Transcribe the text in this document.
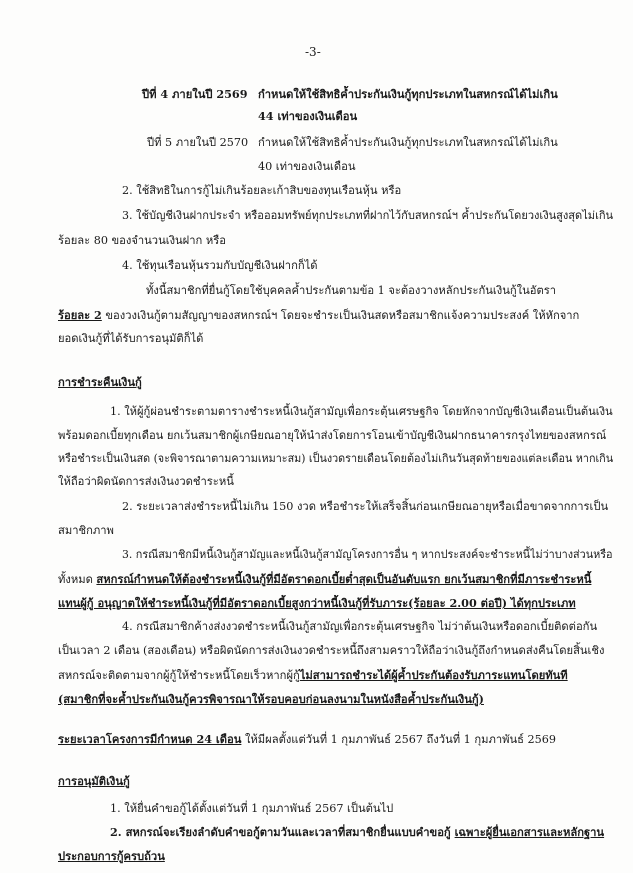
-3-
ปีที่ 4 ภายในปี 2569 กำหนดให้ใช้สิทธิค้ำประกันเงินกู้ทุกประเภทในสหกรณ์ได้ไม่เกิน
44 เท่าของเงินเดือน
ปีที่ 5 ภายในปี 2570 กำหนดให้ใช้สิทธิค้ำประกันเงินกู้ทุกประเภทในสหกรณ์ได้ไม่เกิน
40 เท่าของเงินเดือน
2. ใช้สิทธิในการกู้ไม่เกินร้อยละเก้าสิบของทุนเรือนหุ้น หรือ
3. ใช้บัญชีเงินฝากประจำ หรือออมทรัพย์ทุกประเภทที่ฝากไว้กับสหกรณ์ฯ ค้ำประกันโดยวงเงินสูงสุดไม่เกิน
ร้อยละ 80 ของจำนวนเงินฝาก หรือ
4. ใช้ทุนเรือนหุ้นรวมกับบัญชีเงินฝากก็ได้
ทั้งนี้สมาชิกที่ยื่นกู้โดยใช้บุคคลค้ำประกันตามข้อ 1 จะต้องวางหลักประกันเงินกู้ในอัตรา
ร้อยละ 2 ของวงเงินกู้ตามสัญญาของสหกรณ์ฯ โดยจะชำระเป็นเงินสดหรือสมาชิกแจ้งความประสงค์ ให้หักจาก
ยอดเงินกู้ที่ได้รับการอนุมัติก็ได้
การชำระคืนเงินกู้
1. ให้ผู้กู้ผ่อนชำระตามตารางชำระหนี้เงินกู้สามัญเพื่อกระตุ้นเศรษฐกิจ โดยหักจากบัญชีเงินเดือนเป็นต้นเงิน
พร้อมดอกเบี้ยทุกเดือน ยกเว้นสมาชิกผู้เกษียณอายุให้นำส่งโดยการโอนเข้าบัญชีเงินฝากธนาคารกรุงไทยของสหกรณ์
หรือชำระเป็นเงินสด (จะพิจารณาตามความเหมาะสม) เป็นงวดรายเดือนโดยต้องไม่เกินวันสุดท้ายของแต่ละเดือน หากเกิน
ให้ถือว่าผิดนัดการส่งเงินงวดชำระหนี้
2. ระยะเวลาส่งชำระหนี้ไม่เกิน 150 งวด หรือชำระให้เสร็จสิ้นก่อนเกษียณอายุหรือเมื่อขาดจากการเป็น
สมาชิกภาพ
3. กรณีสมาชิกมีหนี้เงินกู้สามัญและหนี้เงินกู้สามัญโครงการอื่น ๆ หากประสงค์จะชำระหนี้ไม่ว่าบางส่วนหรือ
ทั้งหมด สหกรณ์กำหนดให้ต้องชำระหนี้เงินกู้ที่มีอัตราดอกเบี้ยต่ำสุดเป็นอันดับแรก ยกเว้นสมาชิกที่มีภาระชำระหนี้
แทนผู้กู้ อนุญาตให้ชำระหนี้เงินกู้ที่มีอัตราดอกเบี้ยสูงกว่าหนี้เงินกู้ที่รับภาระ(ร้อยละ 2.00 ต่อปี) ได้ทุกประเภท
4. กรณีสมาชิกค้างส่งงวดชำระหนี้เงินกู้สามัญเพื่อกระตุ้นเศรษฐกิจ ไม่ว่าต้นเงินหรือดอกเบี้ยติดต่อกัน
เป็นเวลา 2 เดือน (สองเดือน) หรือผิดนัดการส่งเงินงวดชำระหนี้ถึงสามคราวให้ถือว่าเงินกู้ถึงกำหนดส่งคืนโดยสิ้นเชิง
สหกรณ์จะติดตามจากผู้กู้ให้ชำระหนี้โดยเร็วหากผู้กู้ไม่สามารถชำระได้ผู้ค้ำประกันต้องรับภาระแทนโดยทันที
(สมาชิกที่จะค้ำประกันเงินกู้ควรพิจารณาให้รอบคอบก่อนลงนามในหนังสือค้ำประกันเงินกู้)
ระยะเวลาโครงการมีกำหนด 24 เดือน ให้มีผลตั้งแต่วันที่ 1 กุมภาพันธ์ 2567 ถึงวันที่ 1 กุมภาพันธ์ 2569
การอนุมัติเงินกู้
1. ให้ยื่นคำขอกู้ได้ตั้งแต่วันที่ 1 กุมภาพันธ์ 2567 เป็นต้นไป
2. สหกรณ์จะเรียงลำดับคำขอกู้ตามวันและเวลาที่สมาชิกยื่นแบบคำขอกู้ เฉพาะผู้ยื่นเอกสารและหลักฐาน
ประกอบการกู้ครบถ้วน
